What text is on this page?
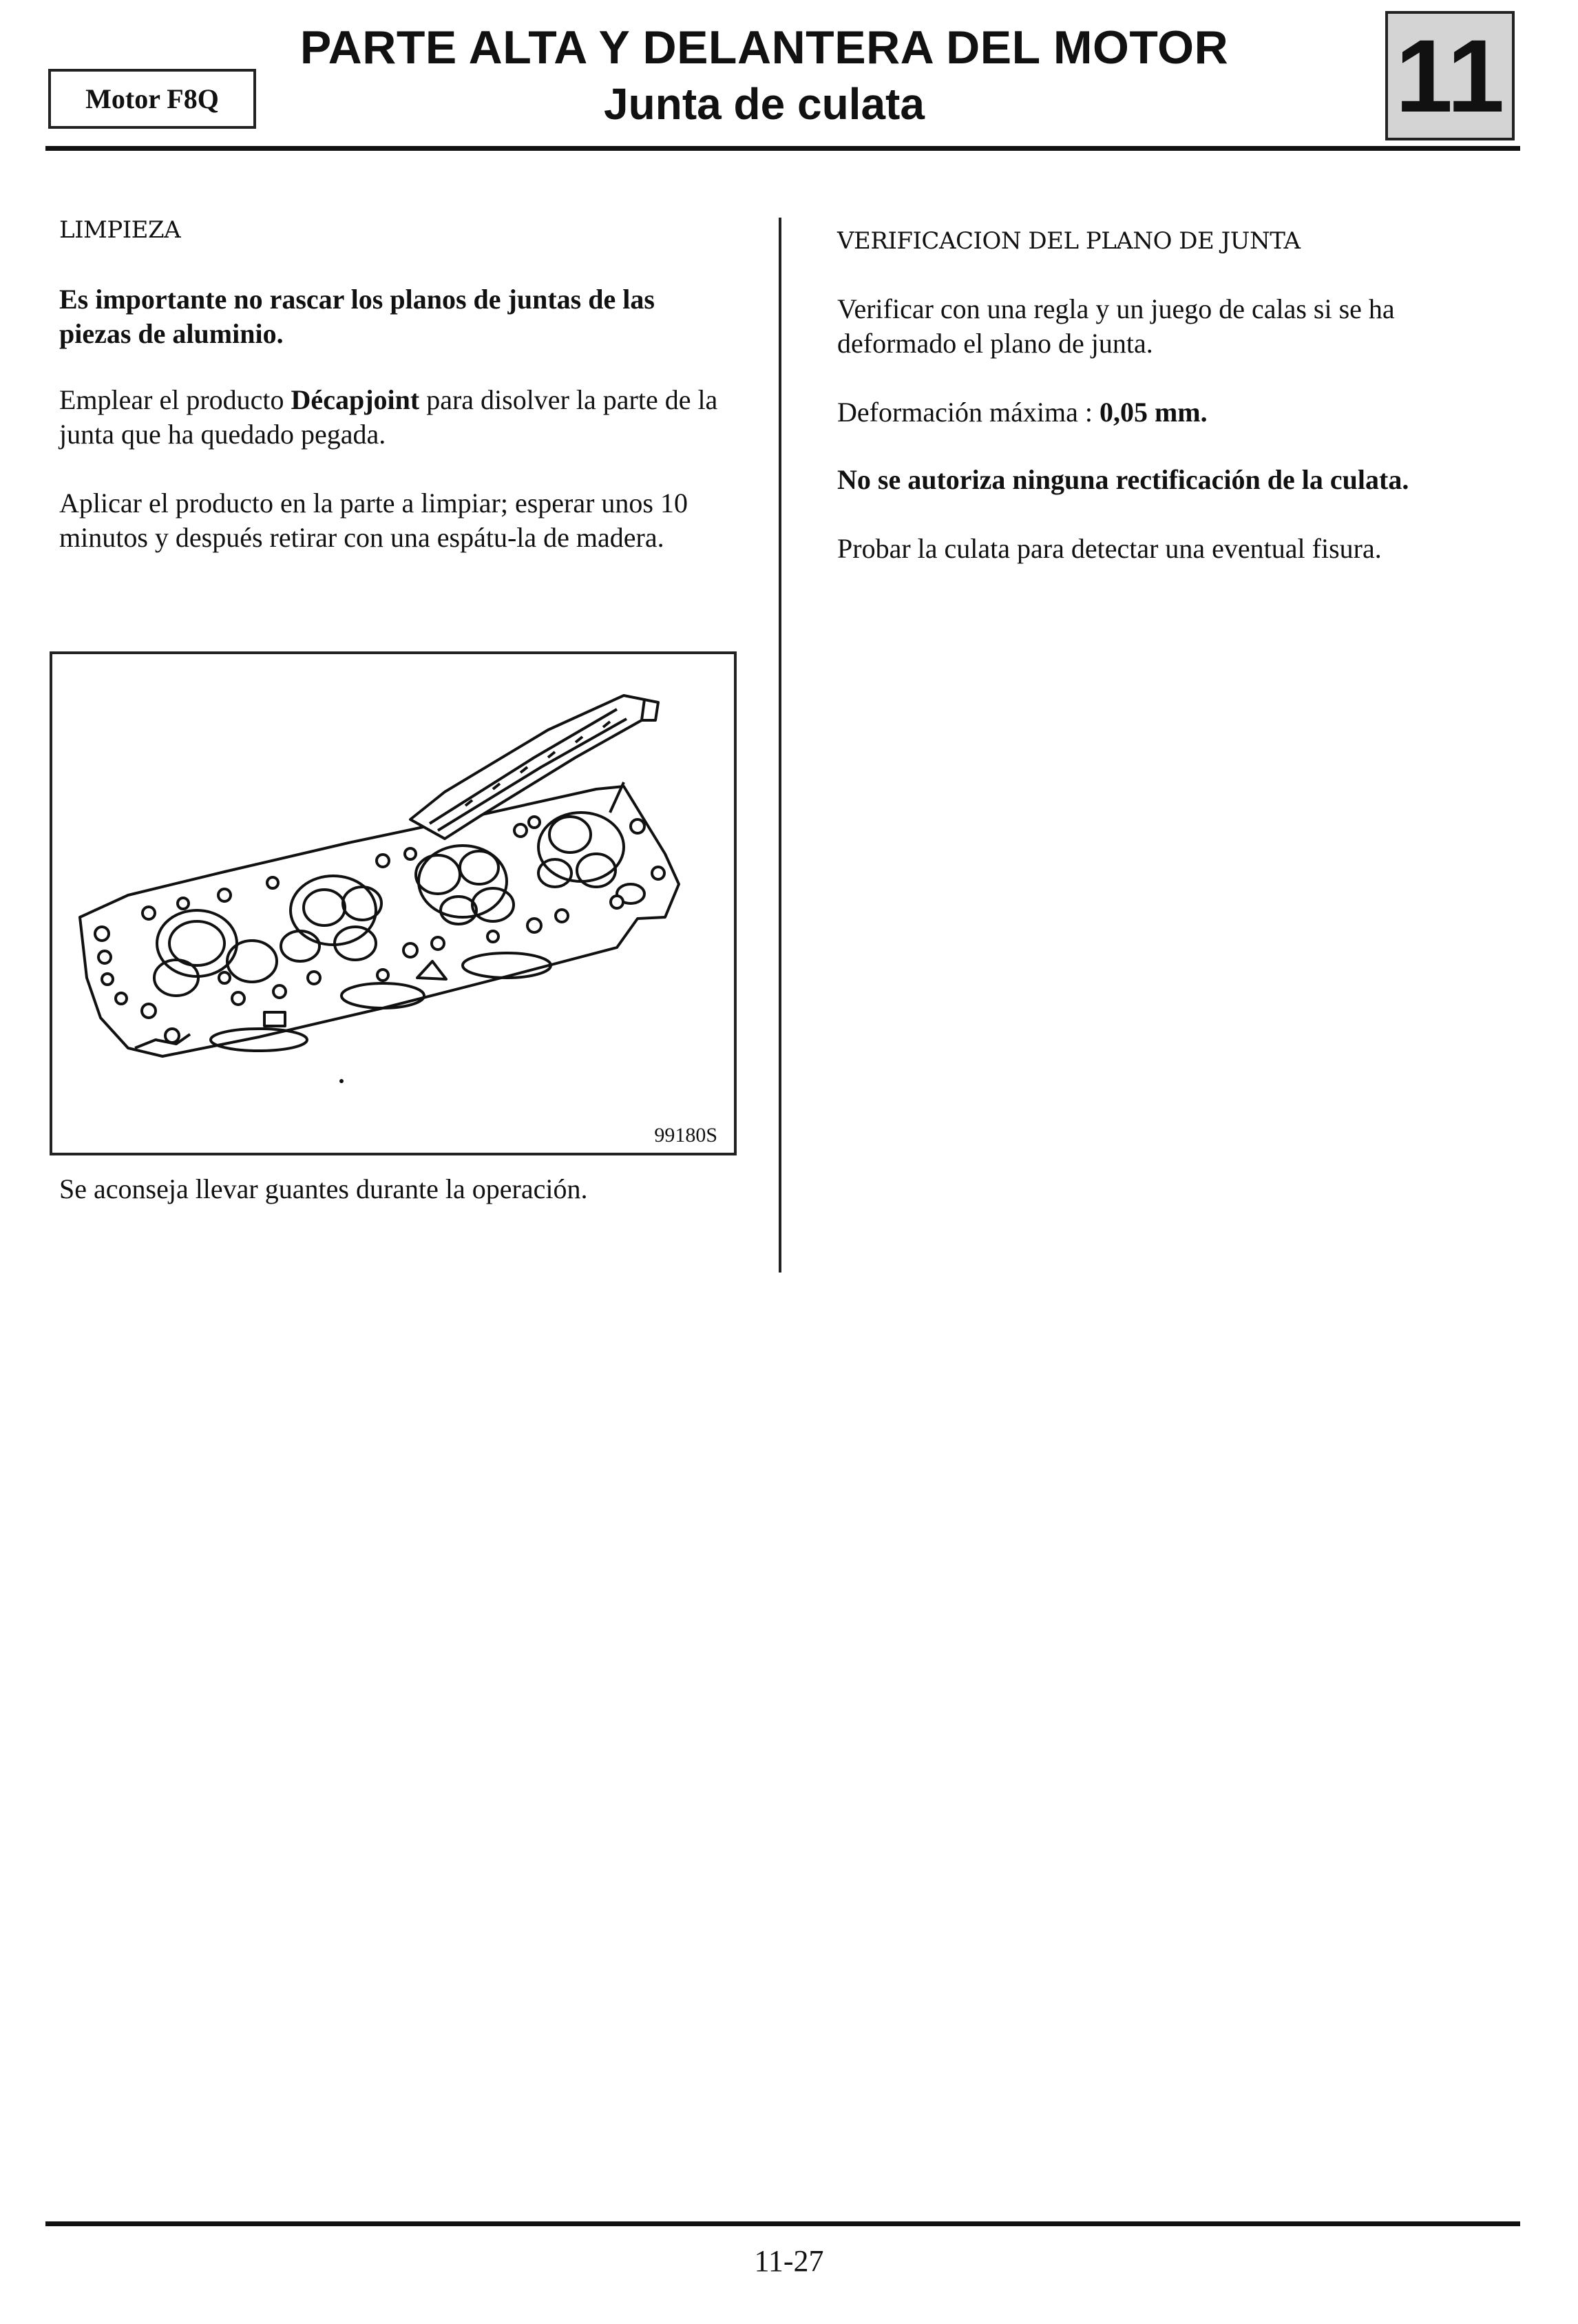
Motor F8Q
PARTE ALTA Y DELANTERA DEL MOTOR
Junta de culata	11
LIMPIEZA
Es importante no rascar los planos de juntas de las piezas de aluminio.
Emplear el producto Décapjoint para disolver la parte de la junta que ha quedado pegada.
Aplicar el producto en la parte a limpiar; esperar unos 10 minutos y después retirar con una espátu-la de madera.
99180S
Se aconseja llevar guantes durante la operación.
VERIFICACION DEL PLANO DE JUNTA
Verificar con una regla y un juego de calas si se ha deformado el plano de junta.
Deformación máxima : 0,05 mm.
No se autoriza ninguna rectificación de la culata.
Probar la culata para detectar una eventual fisura.
11-27
